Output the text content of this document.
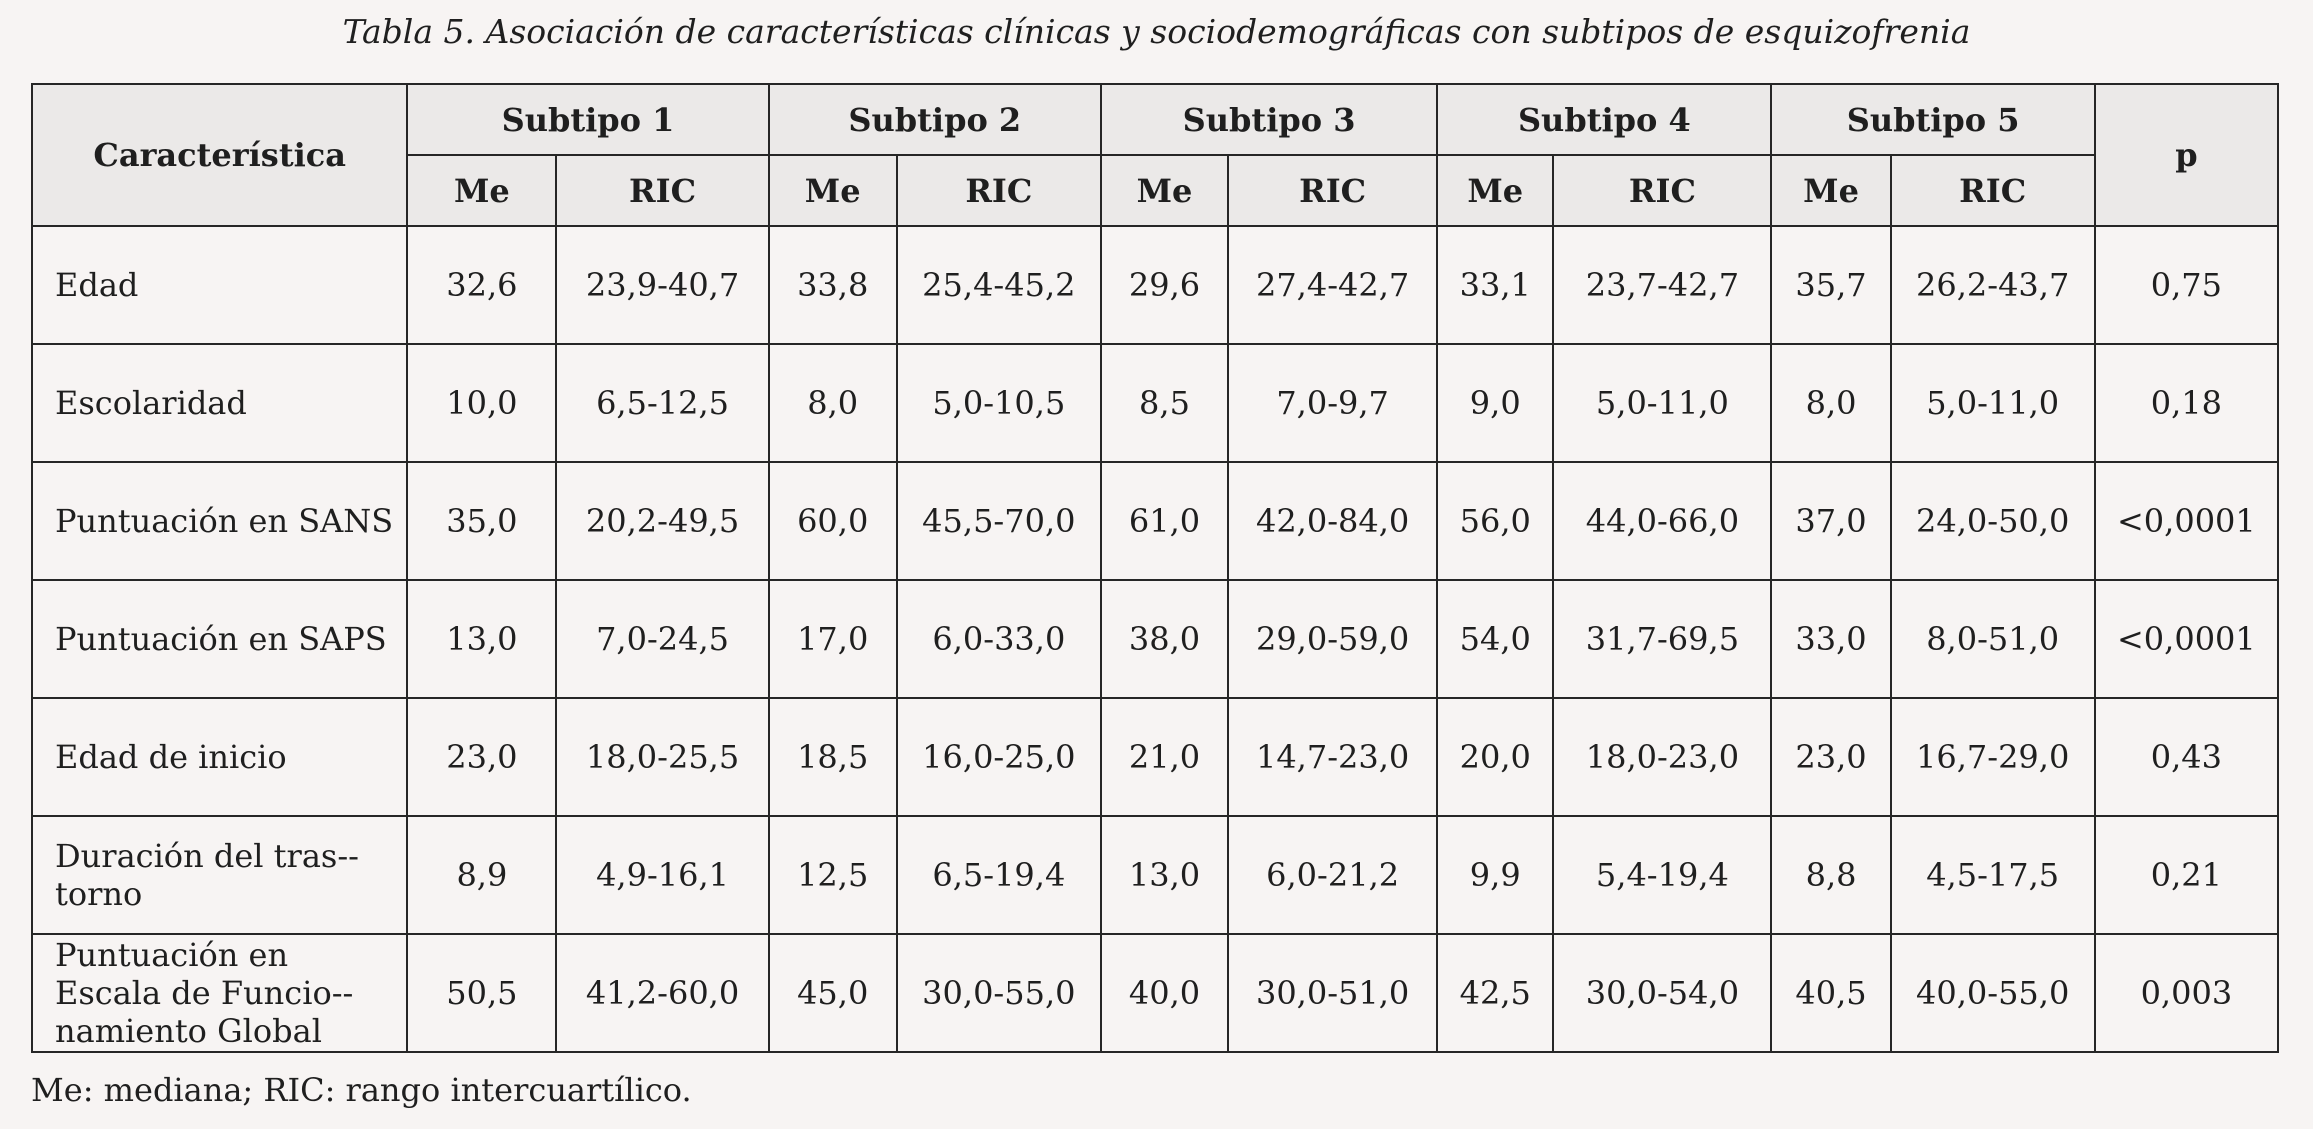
Tabla 5. Asociación de características clínicas y sociodemográficas con subtipos de esquizofrenia
Característica	Subtipo 1		Subtipo 2		Subtipo 3		Subtipo 4		Subtipo 5		p
	Me	RIC	Me	RIC	Me	RIC	Me	RIC	Me	RIC	
Edad	32,6	23,9-40,7	33,8	25,4-45,2	29,6	27,4-42,7	33,1	23,7-42,7	35,7	26,2-43,7	0,75
Escolaridad	10,0	6,5-12,5	8,0	5,0-10,5	8,5	7,0-9,7	9,0	5,0-11,0	8,0	5,0-11,0	0,18
Puntuación en SANS	35,0	20,2-49,5	60,0	45,5-70,0	61,0	42,0-84,0	56,0	44,0-66,0	37,0	24,0-50,0	<0,0001
Puntuación en SAPS	13,0	7,0-24,5	17,0	6,0-33,0	38,0	29,0-59,0	54,0	31,7-69,5	33,0	8,0-51,0	<0,0001
Edad de inicio	23,0	18,0-25,5	18,5	16,0-25,0	21,0	14,7-23,0	20,0	18,0-23,0	23,0	16,7-29,0	0,43
Duración del tras-torno	8,9	4,9-16,1	12,5	6,5-19,4	13,0	6,0-21,2	9,9	5,4-19,4	8,8	4,5-17,5	0,21
Puntuación en Escala de Funcio-namiento Global	50,5	41,2-60,0	45,0	30,0-55,0	40,0	30,0-51,0	42,5	30,0-54,0	40,5	40,0-55,0	0,003
Me: mediana; RIC: rango intercuartílico.
